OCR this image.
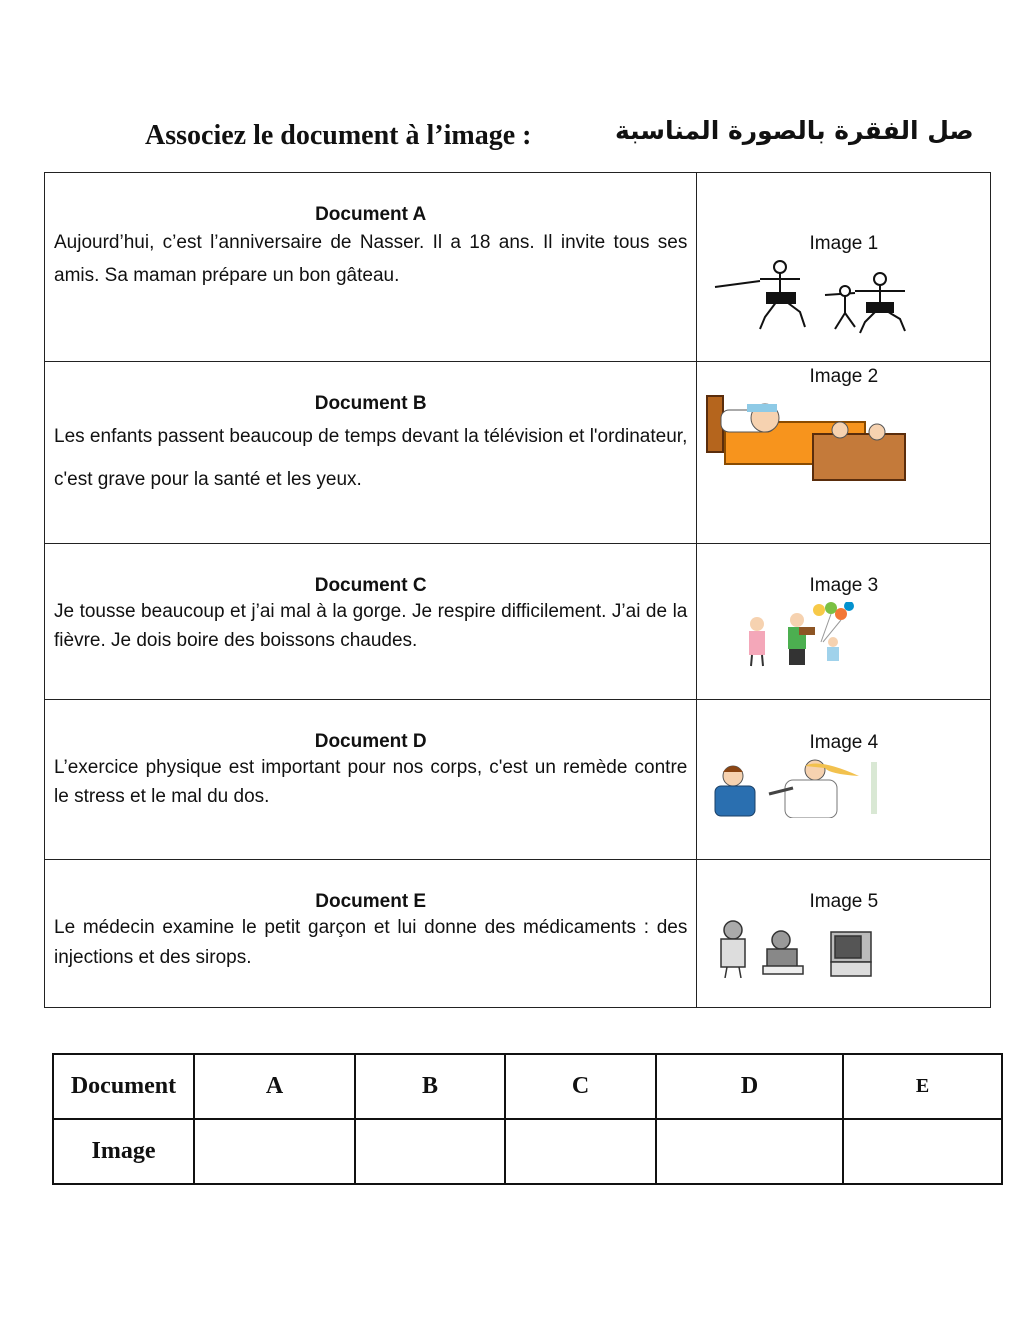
Associez le document à l’image :	صل الفقرة بالصورة المناسبة
Document A
Aujourd’hui, c’est l’anniversaire de Nasser. Il a 18 ans. Il invite tous ses amis. Sa maman prépare un bon gâteau.	Image 1

Document B
Les enfants passent beaucoup de temps devant la télévision et l'ordinateur, c'est grave pour la santé et les yeux.	Image 2

Document C
Je tousse beaucoup et j’ai mal à la gorge. Je respire difficilement. J’ai de la fièvre. Je dois boire des boissons chaudes.	Image 3

Document D
L’exercice physique est important pour nos corps, c'est un remède contre le stress et le mal du dos.	Image 4

Document E
Le médecin examine le petit garçon et lui donne des médicaments : des injections et des sirops.	Image 5
Document	A	B	C	D	E
Image					
